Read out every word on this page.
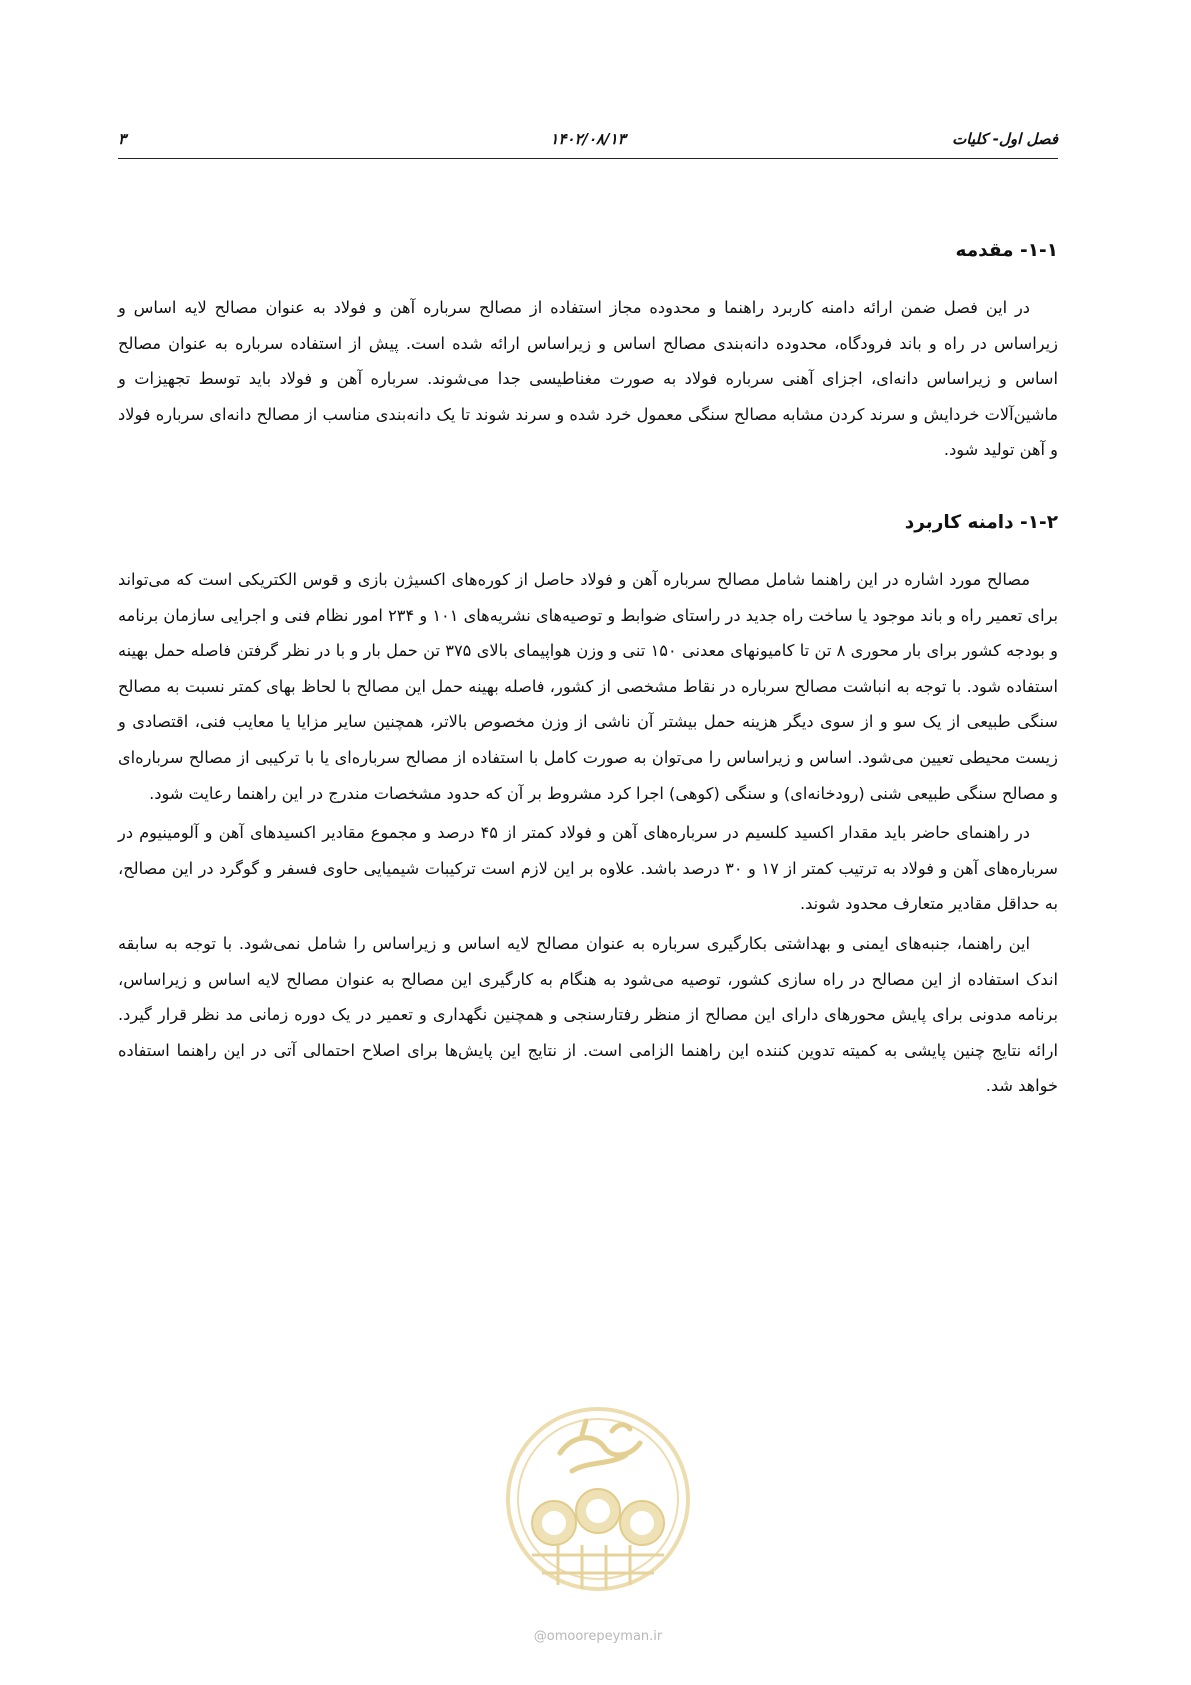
فصل اول- کلیات
۱۴۰۲/۰۸/۱۳
۳
۱-۱- مقدمه

در این فصل ضمن ارائه دامنه کاربرد راهنما و محدوده مجاز استفاده از مصالح سرباره آهن و فولاد به عنوان مصالح لایه اساس و زیراساس در راه و باند فرودگاه، محدوده دانه‌بندی مصالح اساس و زیراساس ارائه شده است. پیش از استفاده سرباره به عنوان مصالح اساس و زیراساس دانه‌ای، اجزای آهنی سرباره فولاد به صورت مغناطیسی جدا می‌شوند. سرباره آهن و فولاد باید توسط تجهیزات و ماشین‌آلات خردایش و سرند کردن مشابه مصالح سنگی معمول خرد شده و سرند شوند تا یک دانه‌بندی مناسب از مصالح دانه‌ای سرباره فولاد و آهن تولید شود.

۱-۲- دامنه کاربرد

مصالح مورد اشاره در این راهنما شامل مصالح سرباره آهن و فولاد حاصل از کوره‌های اکسیژن بازی و قوس الکتریکی است که می‌تواند برای تعمیر راه و باند موجود یا ساخت راه جدید در راستای ضوابط و توصیه‌های نشریه‌های ۱۰۱ و ۲۳۴ امور نظام فنی و اجرایی سازمان برنامه و بودجه کشور برای بار محوری ۸ تن تا کامیونهای معدنی ۱۵۰ تنی و وزن هواپیمای بالای ۳۷۵ تن حمل بار و با در نظر گرفتن فاصله حمل بهینه استفاده شود. با توجه به انباشت مصالح سرباره در نقاط مشخصی از کشور، فاصله بهینه حمل این مصالح با لحاظ بهای کمتر نسبت به مصالح سنگی طبیعی از یک سو و از سوی دیگر هزینه حمل بیشتر آن ناشی از وزن مخصوص بالاتر، همچنین سایر مزایا یا معایب فنی، اقتصادی و زیست محیطی تعیین می‌شود. اساس و زیراساس را می‌توان به صورت کامل با استفاده از مصالح سرباره‌ای یا با ترکیبی از مصالح سرباره‌ای و مصالح سنگی طبیعی شنی (رودخانه‌ای) و سنگی (کوهی) اجرا کرد مشروط بر آن که حدود مشخصات مندرج در این راهنما رعایت شود.

در راهنمای حاضر باید مقدار اکسید کلسیم در سرباره‌های آهن و فولاد کمتر از ۴۵ درصد و مجموع مقادیر اکسیدهای آهن و آلومینیوم در سرباره‌های آهن و فولاد به ترتیب کمتر از ۱۷ و ۳۰ درصد باشد. علاوه بر این لازم است ترکیبات شیمیایی حاوی فسفر و گوگرد در این مصالح، به حداقل مقادیر متعارف محدود شوند.

این راهنما، جنبه‌های ایمنی و بهداشتی بکارگیری سرباره به عنوان مصالح لایه اساس و زیراساس را شامل نمی‌شود. با توجه به سابقه اندک استفاده از این مصالح در راه سازی کشور، توصیه می‌شود به هنگام به کارگیری این مصالح به عنوان مصالح لایه اساس و زیراساس، برنامه مدونی برای پایش محورهای دارای این مصالح از منظر رفتارسنجی و همچنین نگهداری و تعمیر در یک دوره زمانی مد نظر قرار گیرد. ارائه نتایج چنین پایشی به کمیته تدوین کننده این راهنما الزامی است. از نتایج این پایش‌ها برای اصلاح احتمالی آتی در این راهنما استفاده خواهد شد.

@omoorepeyman.ir
